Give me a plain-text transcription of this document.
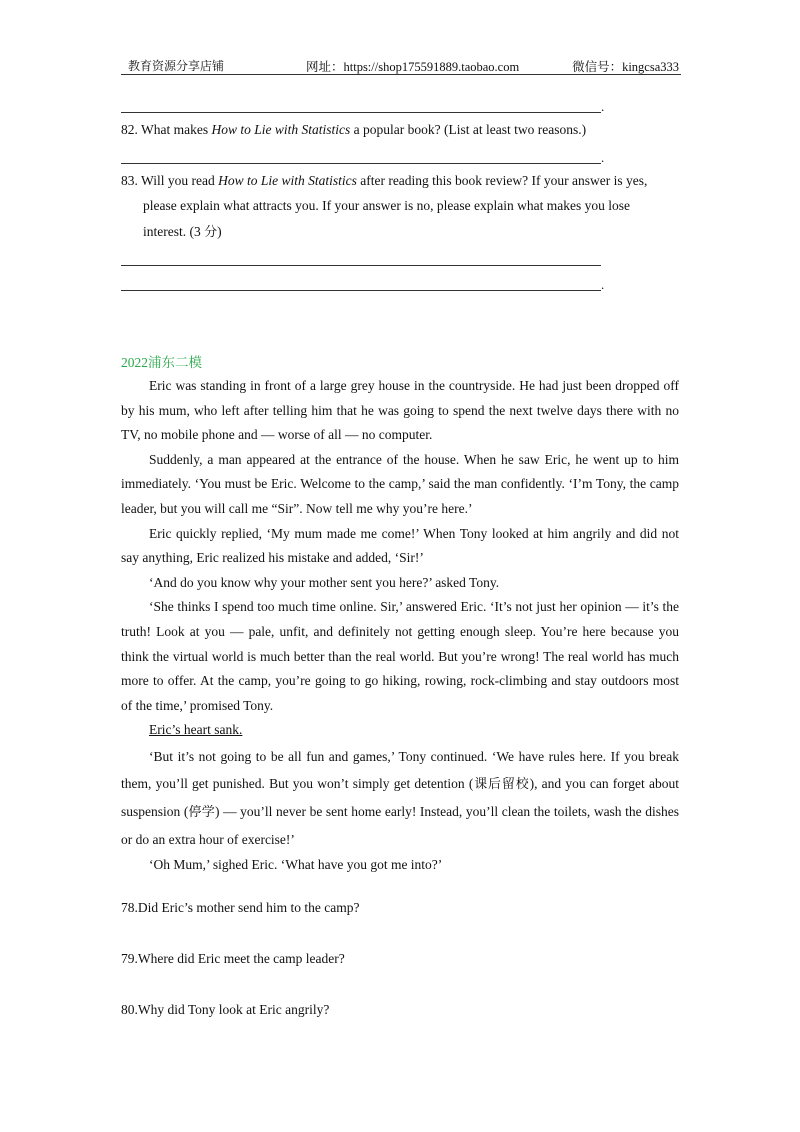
教育资源分享店铺	网址：https://shop175591889.taobao.com	微信号：kingcsa333
.
82. What makes How to Lie with Statistics a popular book? (List at least two reasons.)
.
83. Will you read How to Lie with Statistics after reading this book review? If your answer is yes,
please explain what attracts you. If your answer is no, please explain what makes you lose
interest. (3 分)
.
2022浦东二模

Eric was standing in front of a large grey house in the countryside. He had just been dropped off by his mum, who left after telling him that he was going to spend the next twelve days there with no TV, no mobile phone and — worse of all — no computer.

Suddenly, a man appeared at the entrance of the house. When he saw Eric, he went up to him immediately. ‘You must be Eric. Welcome to the camp,’ said the man confidently. ‘I’m Tony, the camp leader, but you will call me “Sir”. Now tell me why you’re here.’

Eric quickly replied, ‘My mum made me come!’ When Tony looked at him angrily and did not say anything, Eric realized his mistake and added, ‘Sir!’

‘And do you know why your mother sent you here?’ asked Tony.

‘She thinks I spend too much time online. Sir,’ answered Eric. ‘It’s not just her opinion — it’s the truth! Look at you — pale, unfit, and definitely not getting enough sleep. You’re here because you think the virtual world is much better than the real world. But you’re wrong! The real world has much more to offer. At the camp, you’re going to go hiking, rowing, rock-climbing and stay outdoors most of the time,’ promised Tony.

Eric’s heart sank.

‘But it’s not going to be all fun and games,’ Tony continued. ‘We have rules here. If you break them, you’ll get punished. But you won’t simply get detention (课后留校), and you can forget about suspension (停学) — you’ll never be sent home early! Instead, you’ll clean the toilets, wash the dishes or do an extra hour of exercise!’

‘Oh Mum,’ sighed Eric. ‘What have you got me into?’

78.Did Eric’s mother send him to the camp?
79.Where did Eric meet the camp leader?
80.Why did Tony look at Eric angrily?
